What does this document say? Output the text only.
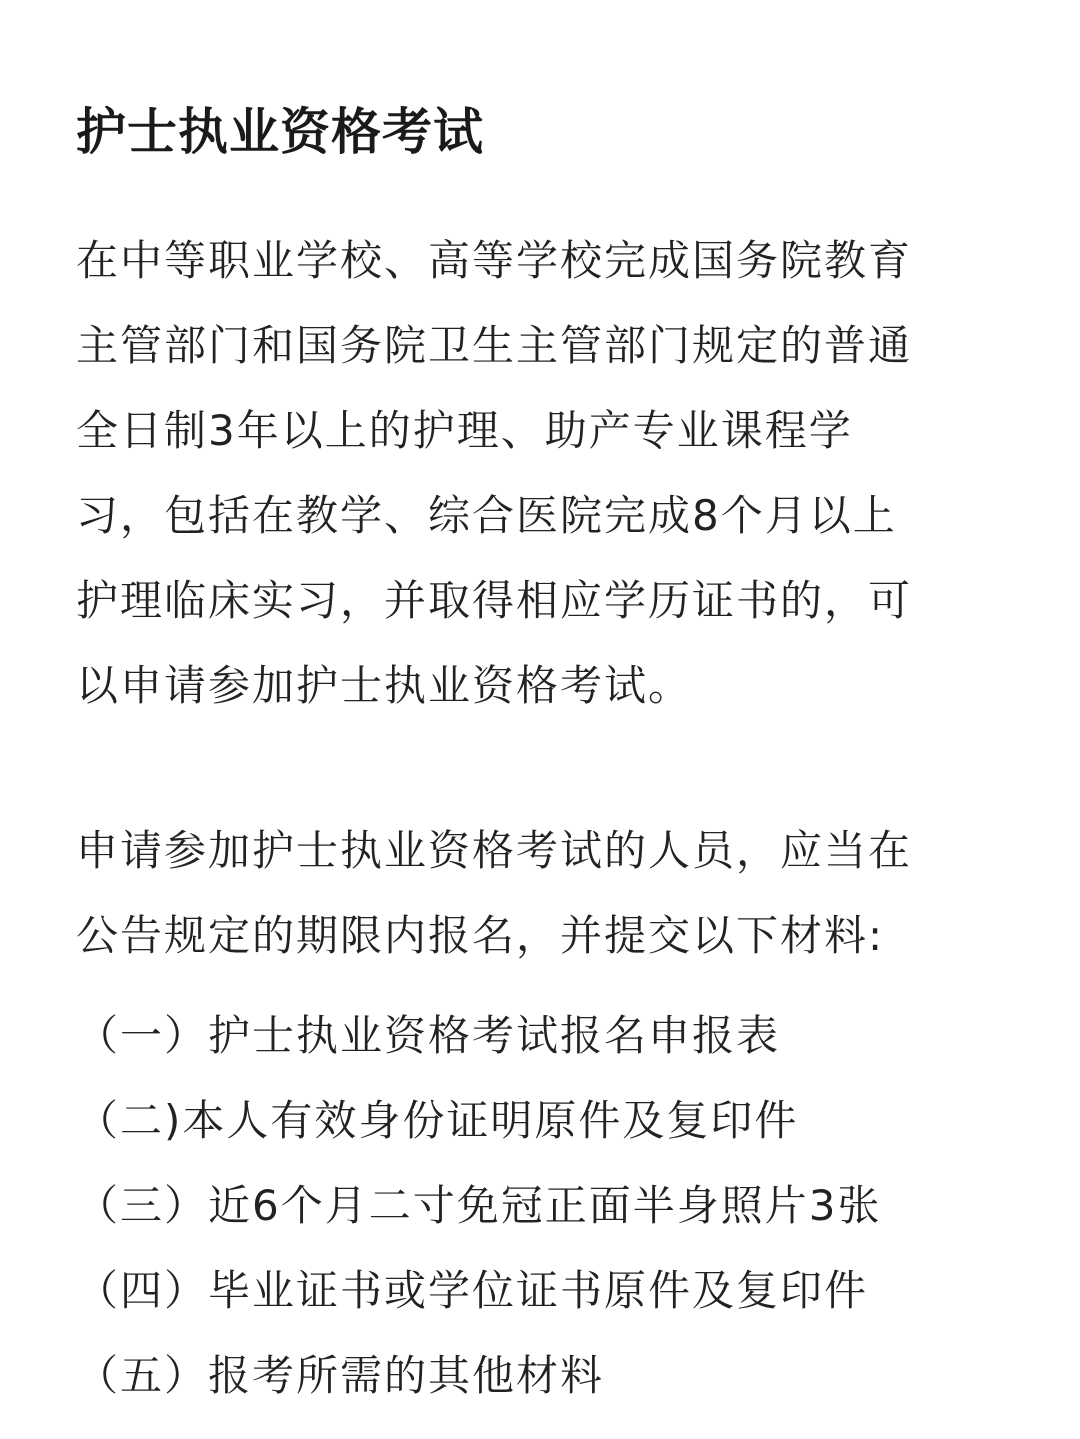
护士执业资格考试
在中等职业学校、高等学校完成国务院教育
主管部门和国务院卫生主管部门规定的普通
全日制3年以上的护理、助产专业课程学
习，包括在教学、综合医院完成8个月以上
护理临床实习，并取得相应学历证书的，可
以申请参加护士执业资格考试。
申请参加护士执业资格考试的人员，应当在
公告规定的期限内报名，并提交以下材料:
（一）护士执业资格考试报名申报表
（二)本人有效身份证明原件及复印件
（三）近6个月二寸免冠正面半身照片3张
（四）毕业证书或学位证书原件及复印件
（五）报考所需的其他材料
